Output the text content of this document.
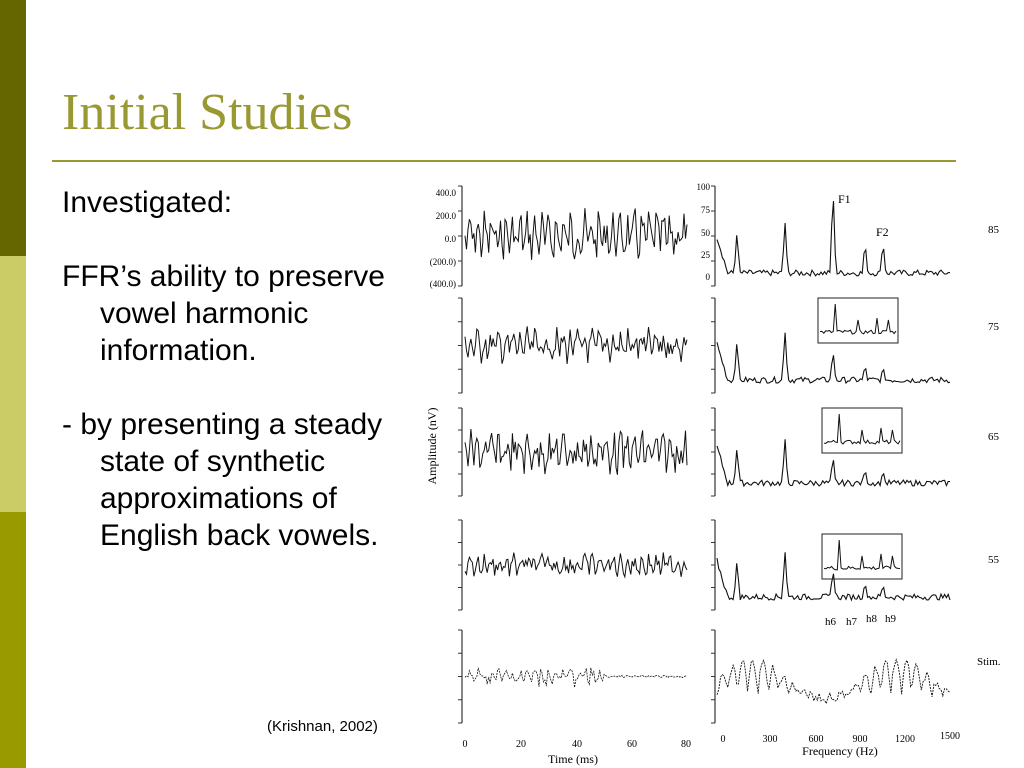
Initial Studies

Investigated:

FFR’s ability to preserve vowel harmonic information.

- by presenting a steady state of synthetic approximations of English back vowels.

(Krishnan, 2002)
400.0
200.0
0.0
(200.0)
(400.0)
100
75
50
25
0
Amplitude (nV)
F1
F2
h6 h7 h8 h9
85
75
65
55
Stim.
0	20	40	60	80
Time (ms)
0	300	600	900	1200	1500
Frequency (Hz)
